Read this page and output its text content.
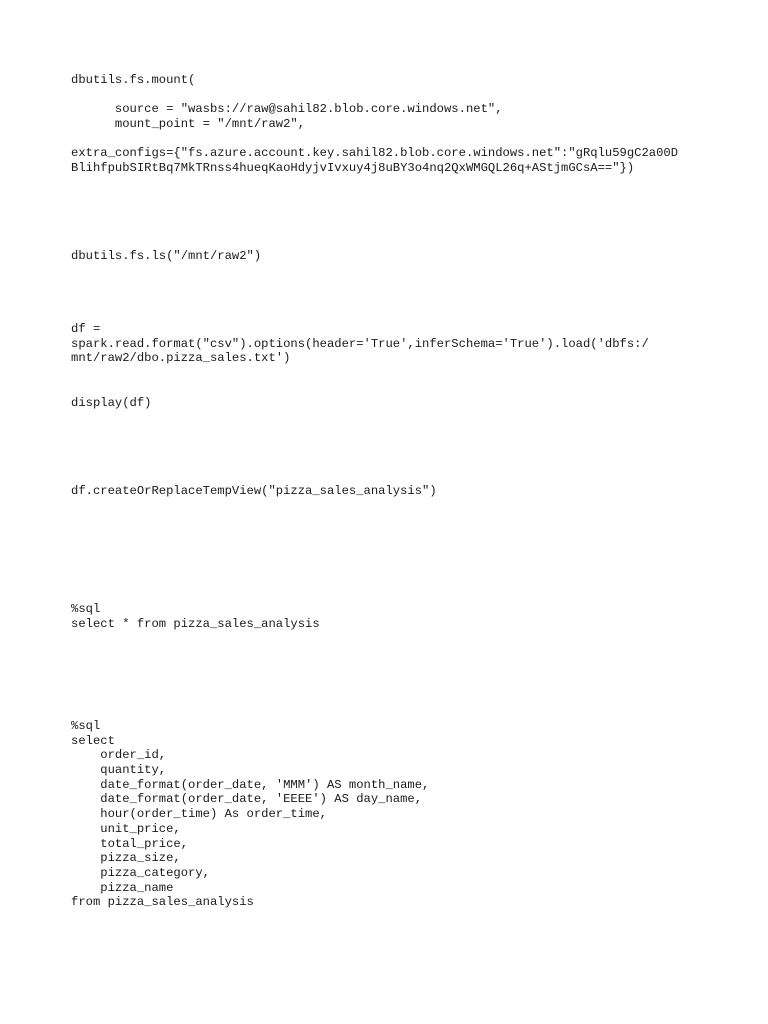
dbutils.fs.mount(
source = "wasbs://raw@sahil82.blob.core.windows.net",
mount_point = "/mnt/raw2",
extra_configs={"fs.azure.account.key.sahil82.blob.core.windows.net":"gRqlu59gC2a00D
BlihfpubSIRtBq7MkTRnss4hueqKaoHdyjvIvxuy4j8uBY3o4nq2QxWMGQL26q+AStjmGCsA=="})
dbutils.fs.ls("/mnt/raw2")
df =
spark.read.format("csv").options(header='True',inferSchema='True').load('dbfs:/
mnt/raw2/dbo.pizza_sales.txt')
display(df)
df.createOrReplaceTempView("pizza_sales_analysis")
%sql
select * from pizza_sales_analysis
%sql
select
order_id,
quantity,
date_format(order_date, 'MMM') AS month_name,
date_format(order_date, 'EEEE') AS day_name,
hour(order_time) As order_time,
unit_price,
total_price,
pizza_size,
pizza_category,
pizza_name
from pizza_sales_analysis
